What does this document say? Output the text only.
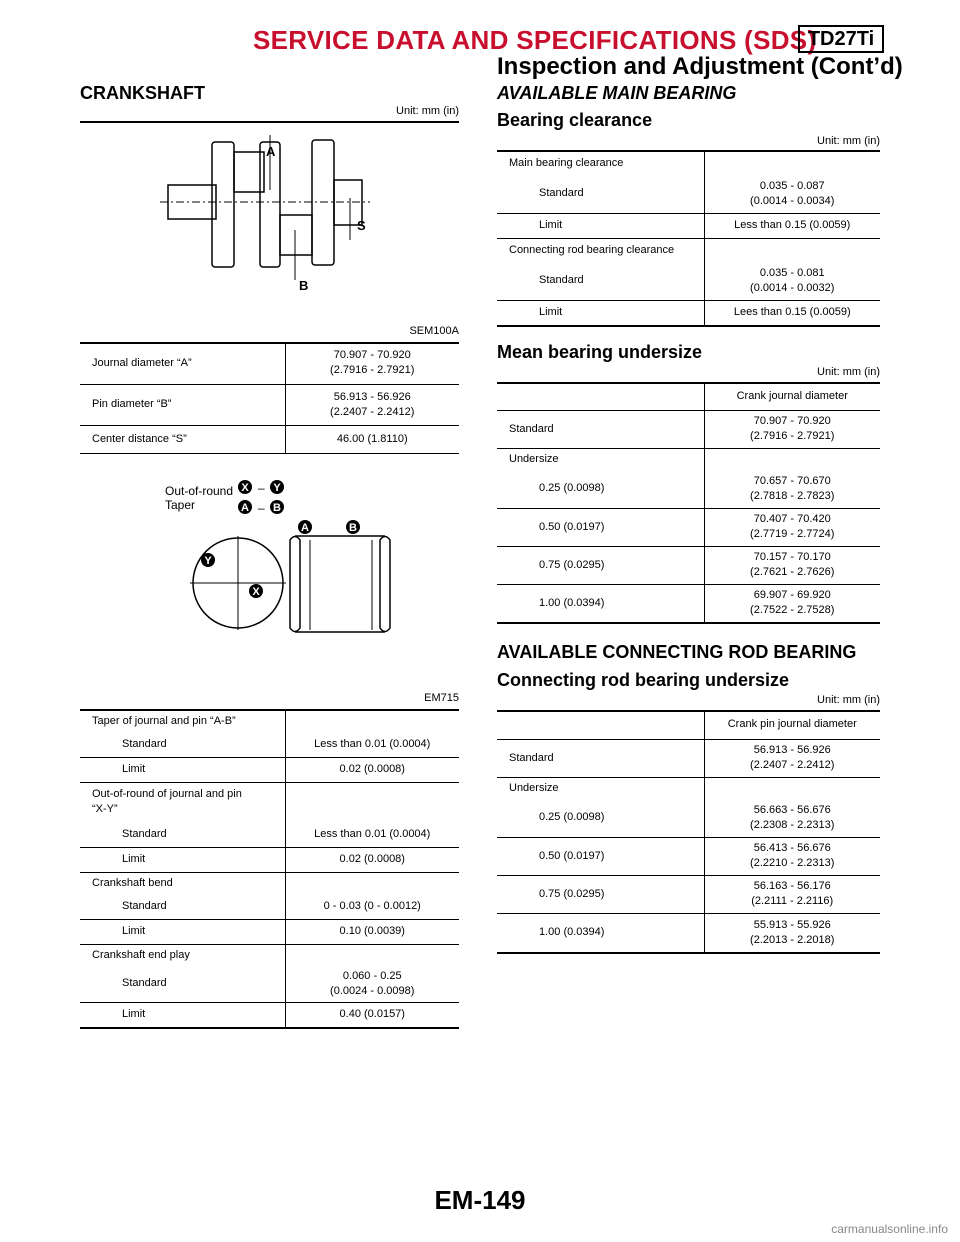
SERVICE DATA AND SPECIFICATIONS (SDS)
TD27Ti
Inspection and Adjustment (Cont’d)
CRANKSHAFT
Unit: mm (in)
A
B
S
SEM100A
Journal diameter “A”	70.907 - 70.920
(2.7916 - 2.7921)
Pin diameter “B”	56.913 - 56.926
(2.2407 - 2.2412)
Center distance “S”	46.00 (1.8110)
Out-of-round
Taper
X Y
A B
A	B
Y
X
–
–
EM715
Taper of journal and pin “A-B”	
Standard	Less than 0.01 (0.0004)
Limit	0.02 (0.0008)
Out-of-round of journal and pin
“X-Y”	
Standard	Less than 0.01 (0.0004)
Limit	0.02 (0.0008)
Crankshaft bend	
Standard	0 - 0.03 (0 - 0.0012)
Limit	0.10 (0.0039)
Crankshaft end play	
Standard	0.060 - 0.25
(0.0024 - 0.0098)
Limit	0.40 (0.0157)
AVAILABLE MAIN BEARING
Bearing clearance
Unit: mm (in)
Main bearing clearance	
Standard	0.035 - 0.087
(0.0014 - 0.0034)
Limit	Less than 0.15 (0.0059)
Connecting rod bearing clearance	
Standard	0.035 - 0.081
(0.0014 - 0.0032)
Limit	Lees than 0.15 (0.0059)
Mean bearing undersize
Unit: mm (in)
	Crank journal diameter
Standard	70.907 - 70.920
(2.7916 - 2.7921)
Undersize	
0.25 (0.0098)	70.657 - 70.670
(2.7818 - 2.7823)
0.50 (0.0197)	70.407 - 70.420
(2.7719 - 2.7724)
0.75 (0.0295)	70.157 - 70.170
(2.7621 - 2.7626)
1.00 (0.0394)	69.907 - 69.920
(2.7522 - 2.7528)
AVAILABLE CONNECTING ROD BEARING
Connecting rod bearing undersize
Unit: mm (in)
	Crank pin journal diameter
Standard	56.913 - 56.926
(2.2407 - 2.2412)
Undersize	
0.25 (0.0098)	56.663 - 56.676
(2.2308 - 2.2313)
0.50 (0.0197)	56.413 - 56.676
(2.2210 - 2.2313)
0.75 (0.0295)	56.163 - 56.176
(2.2111 - 2.2116)
1.00 (0.0394)	55.913 - 55.926
(2.2013 - 2.2018)
EM-149
carmanualsonline.info
